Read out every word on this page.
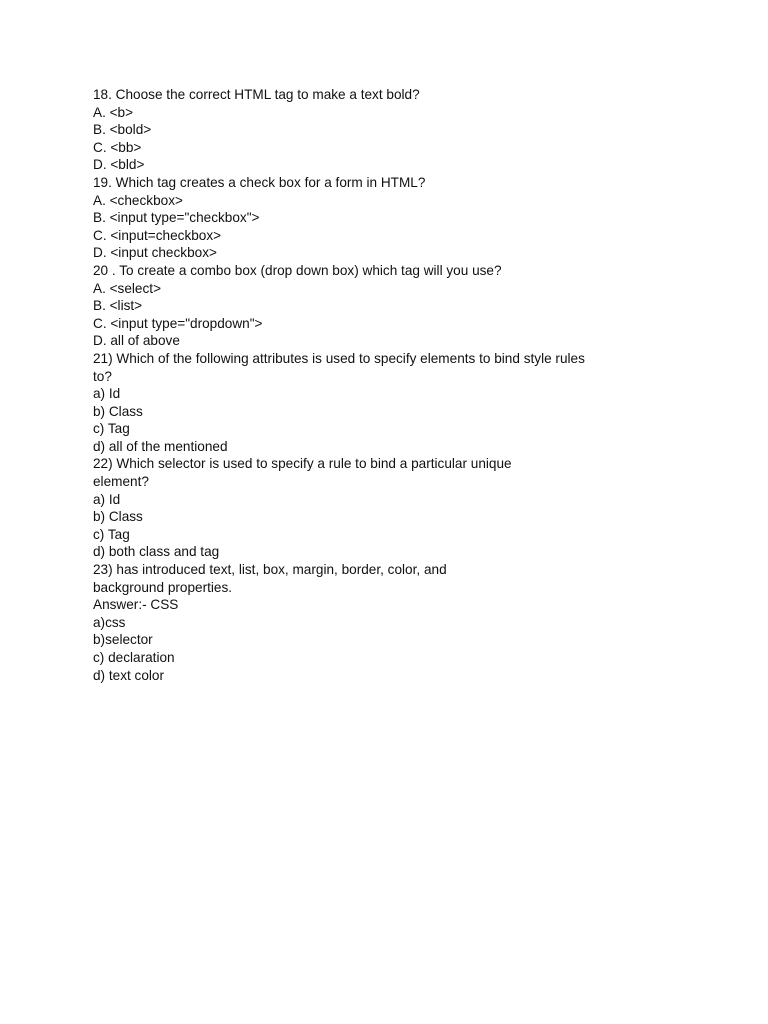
18. Choose the correct HTML tag to make a text bold?
A. <b>
B. <bold>
C. <bb>
D. <bld>
19. Which tag creates a check box for a form in HTML?
A. <checkbox>
B. <input type="checkbox">
C. <input=checkbox>
D. <input checkbox>
20 . To create a combo box (drop down box) which tag will you use?
A. <select>
B. <list>
C. <input type="dropdown">
D. all of above
21) Which of the following attributes is used to specify elements to bind style rules
to?
a) Id
b) Class
c) Tag
d) all of the mentioned
22) Which selector is used to specify a rule to bind a particular unique
element?
a) Id
b) Class
c) Tag
d) both class and tag
23) has introduced text, list, box, margin, border, color, and
background properties.
Answer:- CSS
a)css
b)selector
c) declaration
d) text color
